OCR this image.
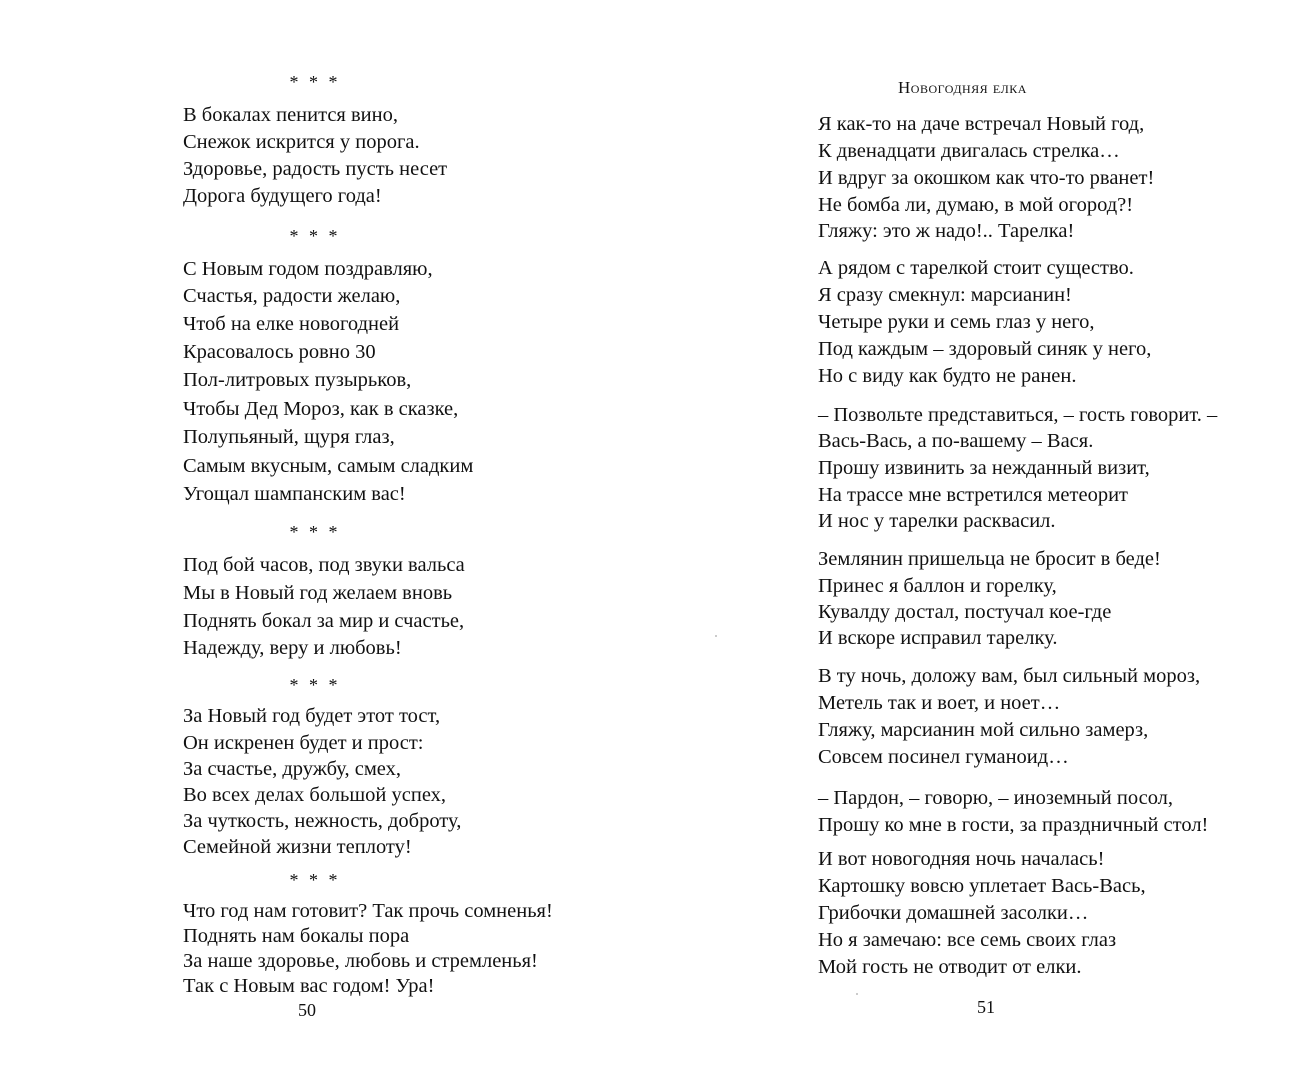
* * *
В бокалах пенится вино,
Снежок искрится у порога.
Здоровье, радость пусть несет
Дорога будущего года!
* * *
С Новым годом поздравляю,
Счастья, радости желаю,
Чтоб на елке новогодней
Красовалось ровно 30
Пол-литровых пузырьков,
Чтобы Дед Мороз, как в сказке,
Полупьяный, щуря глаз,
Самым вкусным, самым сладким
Угощал шампанским вас!
* * *
Под бой часов, под звуки вальса
Мы в Новый год желаем вновь
Поднять бокал за мир и счастье,
Надежду, веру и любовь!
* * *
За Новый год будет этот тост,
Он искренен будет и прост:
За счастье, дружбу, смех,
Во всех делах большой успех,
За чуткость, нежность, доброту,
Семейной жизни теплоту!
* * *
Что год нам готовит? Так прочь сомненья!
Поднять нам бокалы пора
За наше здоровье, любовь и стремленья!
Так с Новым вас годом! Ура!
50
Новогодняя елка
Я как-то на даче встречал Новый год,
К двенадцати двигалась стрелка…
И вдруг за окошком как что-то рванет!
Не бомба ли, думаю, в мой огород?!
Гляжу: это ж надо!.. Тарелка!
А рядом с тарелкой стоит существо.
Я сразу смекнул: марсианин!
Четыре руки и семь глаз у него,
Под каждым – здоровый синяк у него,
Но с виду как будто не ранен.
– Позвольте представиться, – гость говорит. –
Вась-Вась, а по-вашему – Вася.
Прошу извинить за нежданный визит,
На трассе мне встретился метеорит
И нос у тарелки расквасил.
Землянин пришельца не бросит в беде!
Принес я баллон и горелку,
Кувалду достал, постучал кое-где
И вскоре исправил тарелку.
В ту ночь, доложу вам, был сильный мороз,
Метель так и воет, и ноет…
Гляжу, марсианин мой сильно замерз,
Совсем посинел гуманоид…
– Пардон, – говорю, – иноземный посол,
Прошу ко мне в гости, за праздничный стол!
И вот новогодняя ночь началась!
Картошку вовсю уплетает Вась-Вась,
Грибочки домашней засолки…
Но я замечаю: все семь своих глаз
Мой гость не отводит от елки.
51
